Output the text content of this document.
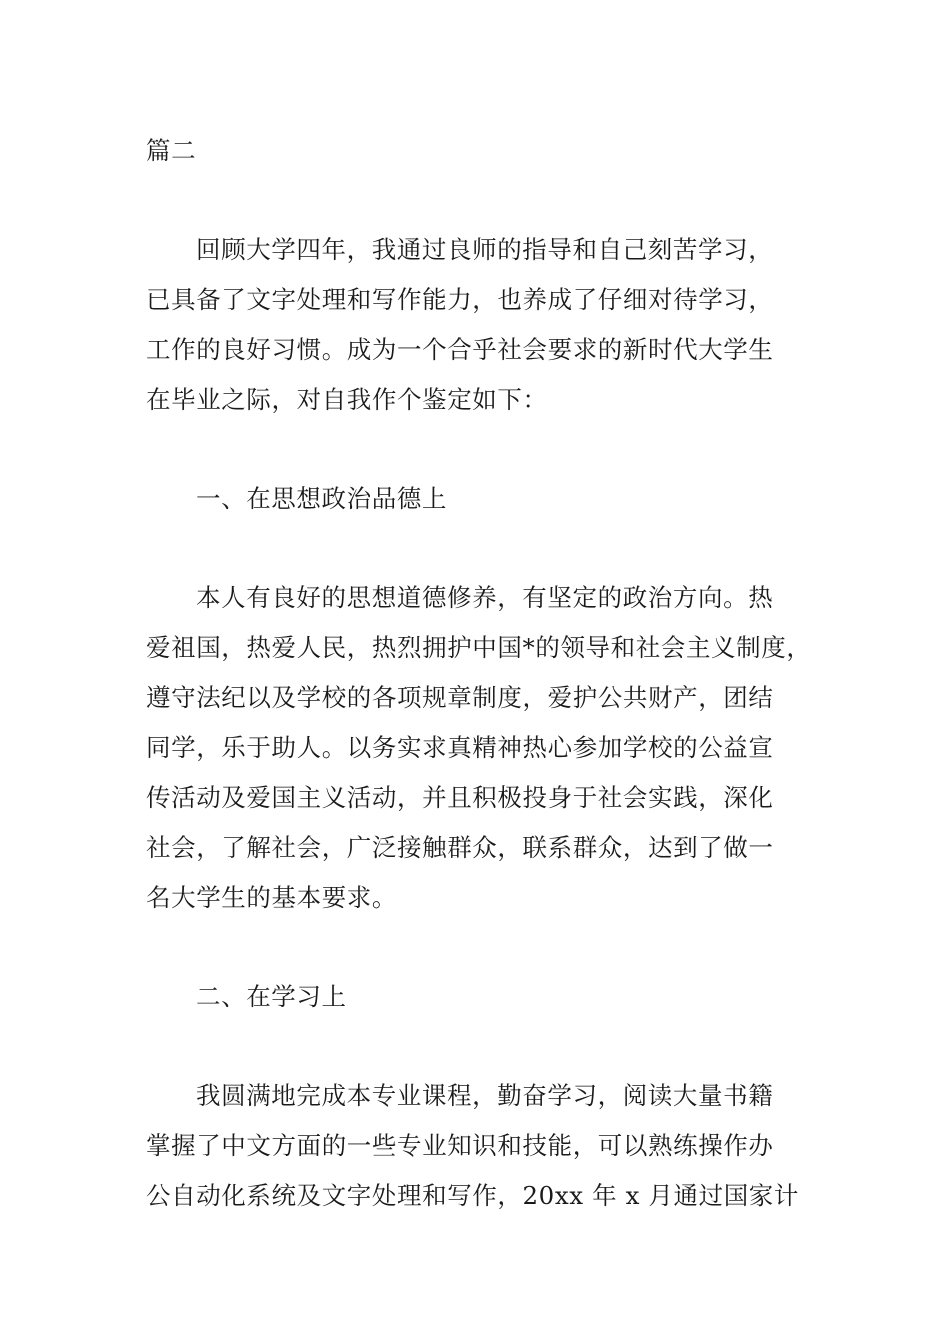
篇二
回顾大学四年，我通过良师的指导和自己刻苦学习，
已具备了文字处理和写作能力，也养成了仔细对待学习，
工作的良好习惯。成为一个合乎社会要求的新时代大学生
在毕业之际，对自我作个鉴定如下：
一、在思想政治品德上
本人有良好的思想道德修养，有坚定的政治方向。热
爱祖国，热爱人民，热烈拥护中国*的领导和社会主义制度，
遵守法纪以及学校的各项规章制度，爱护公共财产，团结
同学，乐于助人。以务实求真精神热心参加学校的公益宣
传活动及爱国主义活动，并且积极投身于社会实践，深化
社会，了解社会，广泛接触群众，联系群众，达到了做一
名大学生的基本要求。
二、在学习上
我圆满地完成本专业课程，勤奋学习，阅读大量书籍
掌握了中文方面的一些专业知识和技能，可以熟练操作办
公自动化系统及文字处理和写作，20xx 年 x 月通过国家计
